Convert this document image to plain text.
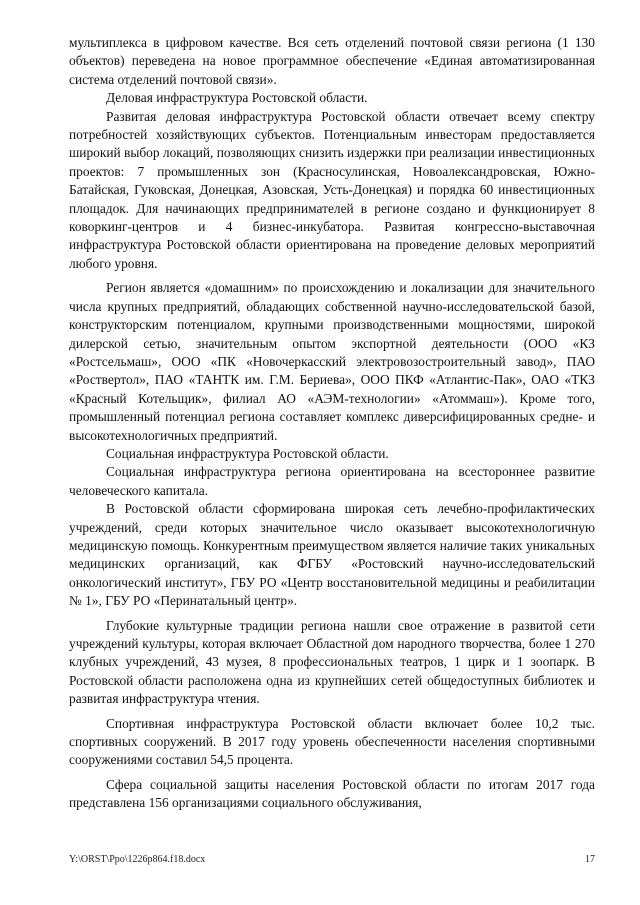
мультиплекса в цифровом качестве. Вся сеть отделений почтовой связи региона (1 130 объектов) переведена на новое программное обеспечение «Единая автоматизированная система отделений почтовой связи».

Деловая инфраструктура Ростовской области.

Развитая деловая инфраструктура Ростовской области отвечает всему спектру потребностей хозяйствующих субъектов. Потенциальным инвесторам предоставляется широкий выбор локаций, позволяющих снизить издержки при реализации инвестиционных проектов: 7 промышленных зон (Красносулинская, Новоалександровская, Южно-Батайская, Гуковская, Донецкая, Азовская, Усть-Донецкая) и порядка 60 инвестиционных площадок. Для начинающих предпринимателей в регионе создано и функционирует 8 коворкинг-центров и 4 бизнес-инкубатора. Развитая конгрессно-выставочная инфраструктура Ростовской области ориентирована на проведение деловых мероприятий любого уровня.

Регион является «домашним» по происхождению и локализации для значительного числа крупных предприятий, обладающих собственной научно-исследовательской базой, конструкторским потенциалом, крупными производственными мощностями, широкой дилерской сетью, значительным опытом экспортной деятельности (ООО «КЗ «Ростсельмаш», ООО «ПК «Новочеркасский электровозостроительный завод», ПАО «Роствертол», ПАО «ТАНТК им. Г.М. Бериева», ООО ПКФ «Атлантис-Пак», ОАО «ТКЗ «Красный Котельщик», филиал АО «АЭМ-технологии» «Атоммаш»). Кроме того, промышленный потенциал региона составляет комплекс диверсифицированных средне- и высокотехнологичных предприятий.

Социальная инфраструктура Ростовской области.

Социальная инфраструктура региона ориентирована на всестороннее развитие человеческого капитала.

В Ростовской области сформирована широкая сеть лечебно-профилактических учреждений, среди которых значительное число оказывает высокотехнологичную медицинскую помощь. Конкурентным преимуществом является наличие таких уникальных медицинских организаций, как ФГБУ «Ростовский научно-исследовательский онкологический институт», ГБУ РО «Центр восстановительной медицины и реабилитации № 1», ГБУ РО «Перинатальный центр».

Глубокие культурные традиции региона нашли свое отражение в развитой сети учреждений культуры, которая включает Областной дом народного творчества, более 1 270 клубных учреждений, 43 музея, 8 профессиональных театров, 1 цирк и 1 зоопарк. В Ростовской области расположена одна из крупнейших сетей общедоступных библиотек и развитая инфраструктура чтения.

Спортивная инфраструктура Ростовской области включает более 10,2 тыс. спортивных сооружений. В 2017 году уровень обеспеченности населения спортивными сооружениями составил 54,5 процента.

Сфера социальной защиты населения Ростовской области по итогам 2017 года представлена 156 организациями социального обслуживания,

Y:\ORST\Ppo\1226p864.f18.docx	17
